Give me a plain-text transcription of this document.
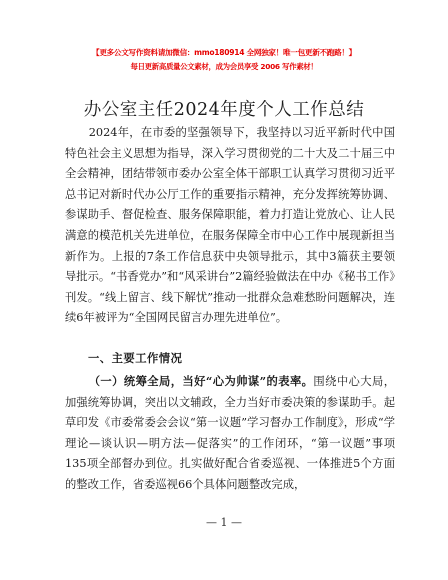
【更多公文写作资料请加微信：mmo180914 全网独家！唯一包更新不跑路！】
每日更新高质量公文素材，成为会员享受 2006 写作素材！
办公室主任2024年度个人工作总结

2024年，在市委的坚强领导下，我坚持以习近平新时代中国特色社会主义思想为指导，深入学习贯彻党的二十大及二十届三中全会精神，团结带领市委办公室全体干部职工认真学习贯彻习近平总书记对新时代办公厅工作的重要指示精神，充分发挥统筹协调、参谋助手、督促检查、服务保障职能，着力打造让党放心、让人民满意的模范机关先进单位，在服务保障全市中心工作中展现新担当新作为。上报的7条工作信息获中央领导批示，其中3篇获主要领导批示。“书香党办”和“风采讲台”2篇经验做法在中办《秘书工作》刊发。“线上留言、线下解忧”推动一批群众急难愁盼问题解决，连续6年被评为“全国网民留言办理先进单位”。

一、主要工作情况

（一）统筹全局，当好“心为帅谋”的表率。围绕中心大局，加强统筹协调，突出以文辅政，全力当好市委决策的参谋助手。起草印发《市委常委会会议“第一议题”学习督办工作制度》，形成“学理论—谈认识—明方法—促落实”的工作闭环，“第一议题”事项135项全部督办到位。扎实做好配合省委巡视、一体推进5个方面的整改工作，省委巡视66个具体问题整改完成，

— 1 —
